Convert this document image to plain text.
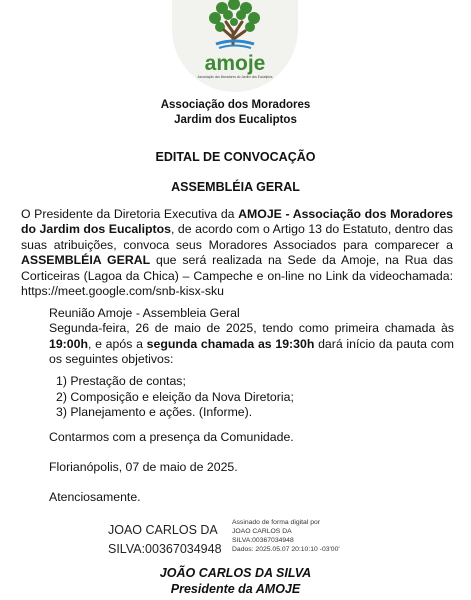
amoje
Associação dos Moradores do Jardim dos Eucaliptos
Associação dos Moradores
Jardim dos Eucaliptos
EDITAL DE CONVOCAÇÃO
ASSEMBLÉIA GERAL
O Presidente da Diretoria Executiva da AMOJE - Associação dos Moradores do Jardim dos Eucaliptos, de acordo com o Artigo 13 do Estatuto, dentro das suas atribuições, convoca seus Moradores Associados para comparecer a ASSEMBLÉIA GERAL que será realizada na Sede da Amoje, na Rua das Corticeiras (Lagoa da Chica) – Campeche e on-line no Link da videochamada: https://meet.google.com/snb-kisx-sku
Reunião Amoje - Assembleia Geral
Segunda-feira, 26 de maio de 2025, tendo como primeira chamada às 19:00h, e após a segunda chamada as 19:30h dará início da pauta com os seguintes objetivos:
1) Prestação de contas;
2) Composição e eleição da Nova Diretoria;
3) Planejamento e ações. (Informe).
Contarmos com a presença da Comunidade.
Florianópolis, 07 de maio de 2025.
Atenciosamente.
JOAO CARLOS DA
SILVA:00367034948
Assinado de forma digital por
JOAO CARLOS DA
SILVA:00367034948
Dados: 2025.05.07 20:10:10 -03'00'
JOÃO CARLOS DA SILVA
Presidente da AMOJE
